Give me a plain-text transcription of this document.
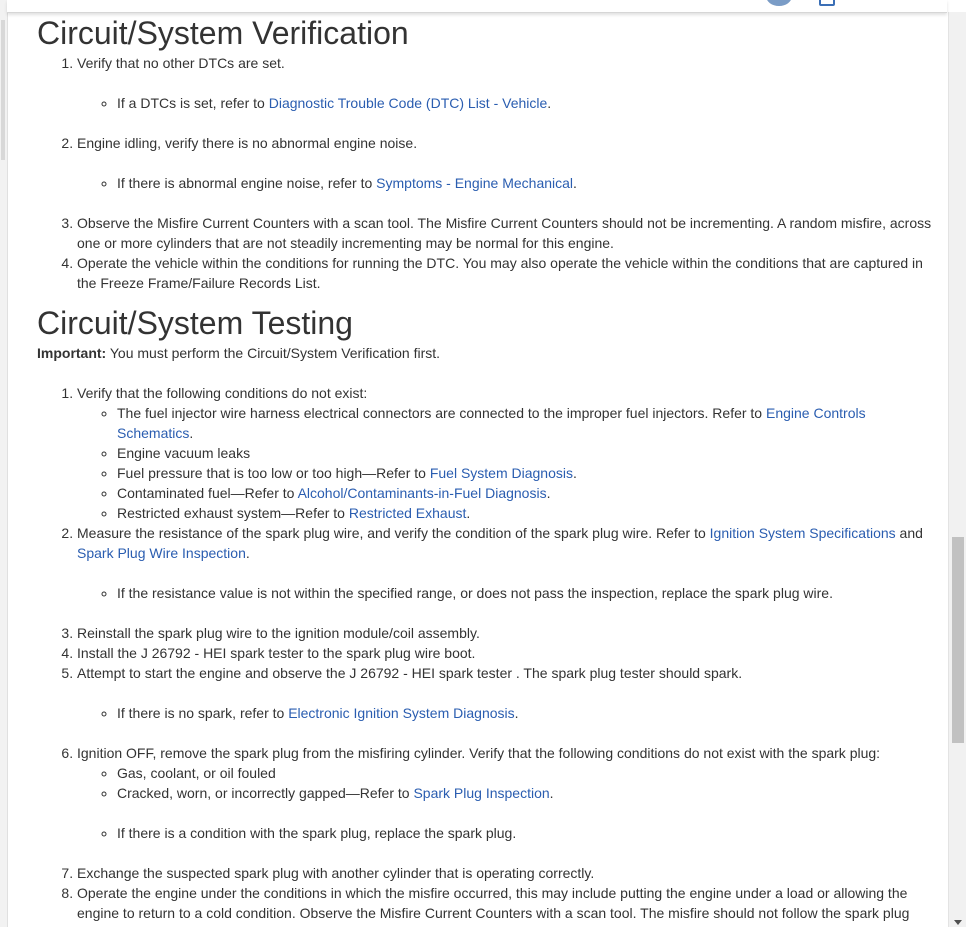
Circuit/System Verification
1. Verify that no other DTCs are set.
◦ If a DTCs is set, refer to Diagnostic Trouble Code (DTC) List - Vehicle.
2. Engine idling, verify there is no abnormal engine noise.
◦ If there is abnormal engine noise, refer to Symptoms - Engine Mechanical.
3. Observe the Misfire Current Counters with a scan tool. The Misfire Current Counters should not be incrementing. A random misfire, across one or more cylinders that are not steadily incrementing may be normal for this engine.
4. Operate the vehicle within the conditions for running the DTC. You may also operate the vehicle within the conditions that are captured in the Freeze Frame/Failure Records List.
Circuit/System Testing

Important: You must perform the Circuit/System Verification first.

1. Verify that the following conditions do not exist:
◦ The fuel injector wire harness electrical connectors are connected to the improper fuel injectors. Refer to Engine Controls Schematics.
◦ Engine vacuum leaks
◦ Fuel pressure that is too low or too high—Refer to Fuel System Diagnosis.
◦ Contaminated fuel—Refer to Alcohol/Contaminants-in-Fuel Diagnosis.
◦ Restricted exhaust system—Refer to Restricted Exhaust.
2. Measure the resistance of the spark plug wire, and verify the condition of the spark plug wire. Refer to Ignition System Specifications and Spark Plug Wire Inspection.
◦ If the resistance value is not within the specified range, or does not pass the inspection, replace the spark plug wire.
3. Reinstall the spark plug wire to the ignition module/coil assembly.
4. Install the J 26792 - HEI spark tester to the spark plug wire boot.
5. Attempt to start the engine and observe the J 26792 - HEI spark tester . The spark plug tester should spark.
◦ If there is no spark, refer to Electronic Ignition System Diagnosis.
6. Ignition OFF, remove the spark plug from the misfiring cylinder. Verify that the following conditions do not exist with the spark plug:
◦ Gas, coolant, or oil fouled
◦ Cracked, worn, or incorrectly gapped—Refer to Spark Plug Inspection.
◦ If there is a condition with the spark plug, replace the spark plug.
7. Exchange the suspected spark plug with another cylinder that is operating correctly.
8. Operate the engine under the conditions in which the misfire occurred, this may include putting the engine under a load or allowing the engine to return to a cold condition. Observe the Misfire Current Counters with a scan tool. The misfire should not follow the spark plug
